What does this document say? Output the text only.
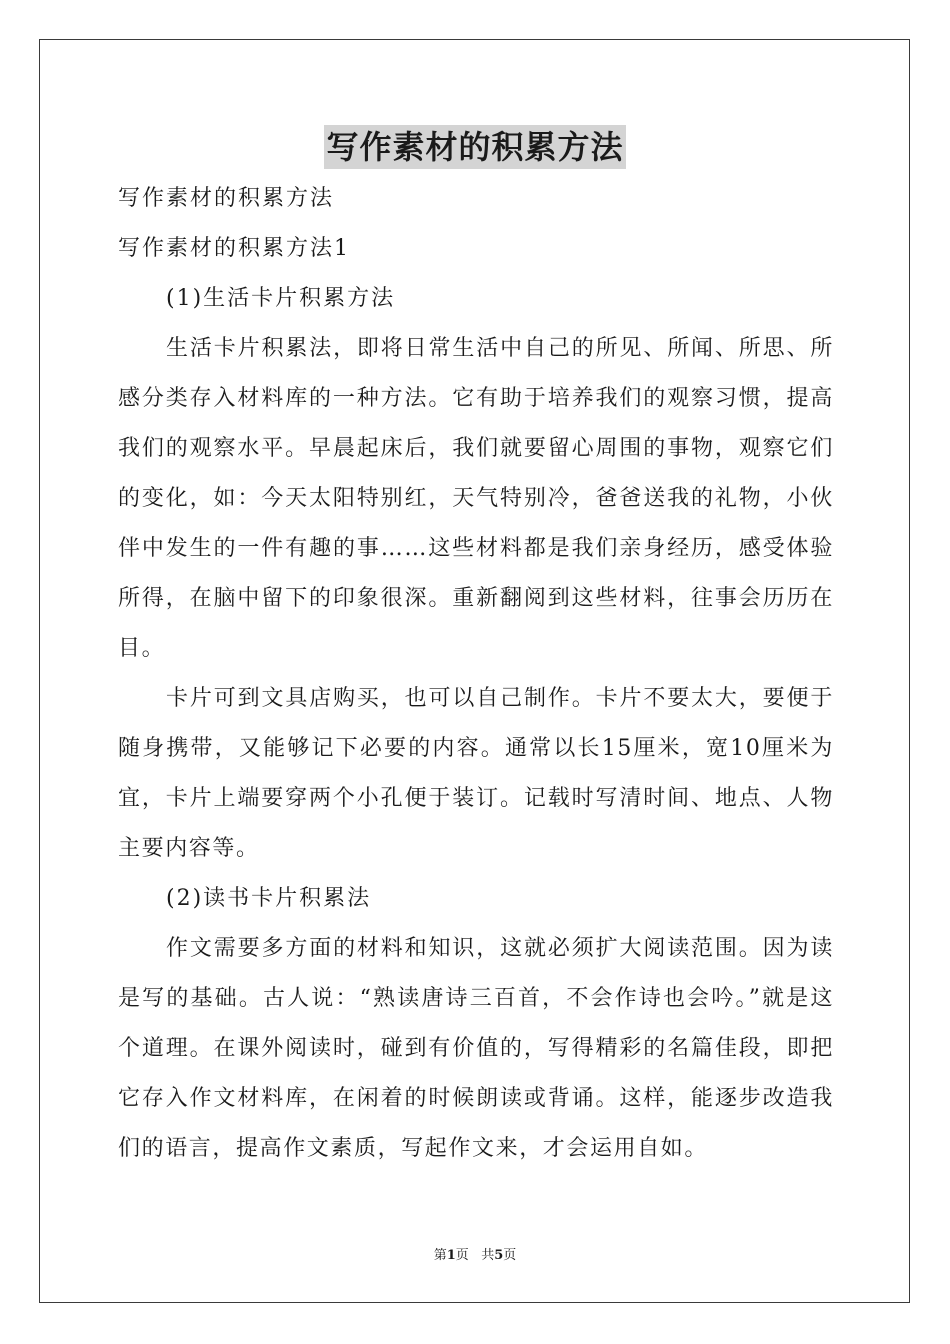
写作素材的积累方法

写作素材的积累方法

写作素材的积累方法1

(1)生活卡片积累方法

生活卡片积累法，即将日常生活中自己的所见、所闻、所思、所感分类存入材料库的一种方法。它有助于培养我们的观察习惯，提高我们的观察水平。早晨起床后，我们就要留心周围的事物，观察它们的变化，如：今天太阳特别红，天气特别冷，爸爸送我的礼物，小伙伴中发生的一件有趣的事……这些材料都是我们亲身经历，感受体验所得，在脑中留下的印象很深。重新翻阅到这些材料，往事会历历在目。

卡片可到文具店购买，也可以自己制作。卡片不要太大，要便于随身携带，又能够记下必要的内容。通常以长15厘米，宽10厘米为宜，卡片上端要穿两个小孔便于装订。记载时写清时间、地点、人物主要内容等。

(2)读书卡片积累法

作文需要多方面的材料和知识，这就必须扩大阅读范围。因为读是写的基础。古人说：“熟读唐诗三百首，不会作诗也会吟。”就是这个道理。在课外阅读时，碰到有价值的，写得精彩的名篇佳段，即把它存入作文材料库，在闲着的时候朗读或背诵。这样，能逐步改造我们的语言，提高作文素质，写起作文来，才会运用自如。

第1页 共5页
